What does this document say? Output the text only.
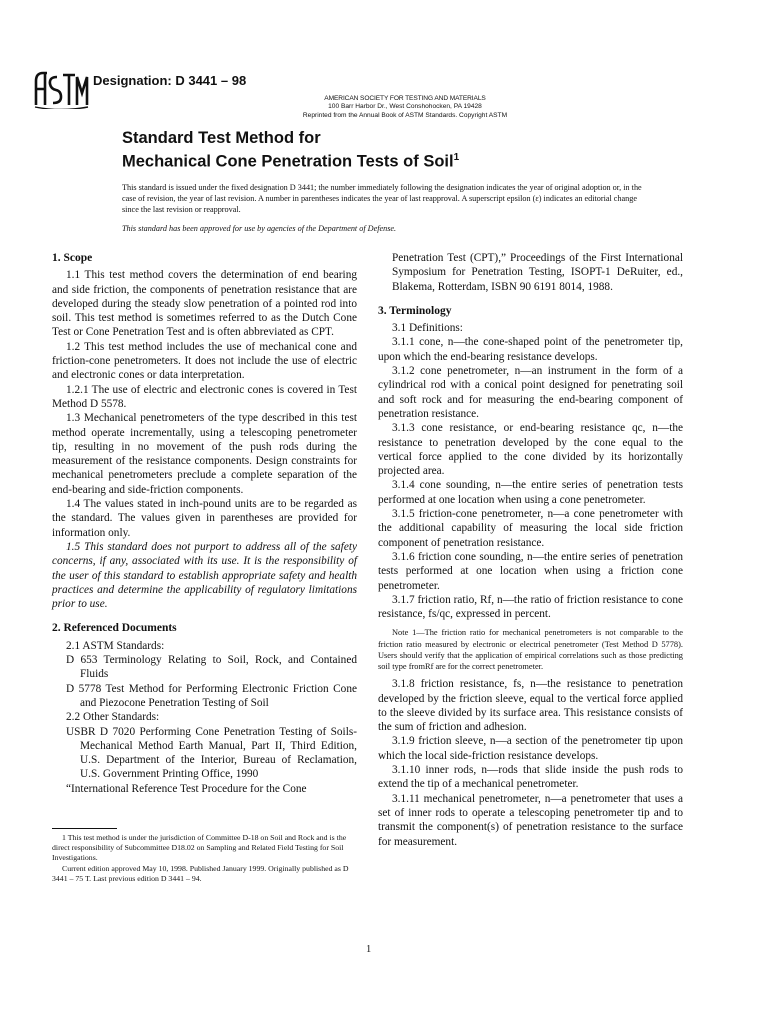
Designation: D 3441 – 98
AMERICAN SOCIETY FOR TESTING AND MATERIALS
100 Barr Harbor Dr., West Conshohocken, PA 19428
Reprinted from the Annual Book of ASTM Standards. Copyright ASTM
Standard Test Method for
Mechanical Cone Penetration Tests of Soil$^1$
This standard is issued under the fixed designation D 3441; the number immediately following the designation indicates the year of original adoption or, in the case of revision, the year of last revision. A number in parentheses indicates the year of last reapproval. A superscript epsilon (ε) indicates an editorial change since the last revision or reapproval.
This standard has been approved for use by agencies of the Department of Defense.
1. Scope

1.1 This test method covers the determination of end bearing and side friction, the components of penetration resistance that are developed during the steady slow penetration of a pointed rod into soil. This test method is sometimes referred to as the Dutch Cone Test or Cone Penetration Test and is often abbreviated as CPT.

1.2 This test method includes the use of mechanical cone and friction-cone penetrometers. It does not include the use of electric and electronic cones or data interpretation.

1.2.1 The use of electric and electronic cones is covered in Test Method D 5578.

1.3 Mechanical penetrometers of the type described in this test method operate incrementally, using a telescoping penetrometer tip, resulting in no movement of the push rods during the measurement of the resistance components. Design constraints for mechanical penetrometers preclude a complete separation of the end-bearing and side-friction components.

1.4 The values stated in inch-pound units are to be regarded as the standard. The values given in parentheses are provided for information only.

1.5 This standard does not purport to address all of the safety concerns, if any, associated with its use. It is the responsibility of the user of this standard to establish appropriate safety and health practices and determine the applicability of regulatory limitations prior to use.

2. Referenced Documents

2.1 ASTM Standards:

D 653 Terminology Relating to Soil, Rock, and Contained Fluids

D 5778 Test Method for Performing Electronic Friction Cone and Piezocone Penetration Testing of Soil

2.2 Other Standards:

USBR D 7020 Performing Cone Penetration Testing of Soils-Mechanical Method Earth Manual, Part II, Third Edition, U.S. Department of the Interior, Bureau of Reclamation, U.S. Government Printing Office, 1990

“International Reference Test Procedure for the Cone

Penetration Test (CPT),” Proceedings of the First International Symposium for Penetration Testing, ISOPT-1 DeRuiter, ed., Blakema, Rotterdam, ISBN 90 6191 8014, 1988.

3. Terminology

3.1 Definitions:

3.1.1 cone, n—the cone-shaped point of the penetrometer tip, upon which the end-bearing resistance develops.

3.1.2 cone penetrometer, n—an instrument in the form of a cylindrical rod with a conical point designed for penetrating soil and soft rock and for measuring the end-bearing component of penetration resistance.

3.1.3 cone resistance, or end-bearing resistance qc, n—the resistance to penetration developed by the cone equal to the vertical force applied to the cone divided by its horizontally projected area.

3.1.4 cone sounding, n—the entire series of penetration tests performed at one location when using a cone penetrometer.

3.1.5 friction-cone penetrometer, n—a cone penetrometer with the additional capability of measuring the local side friction component of penetration resistance.

3.1.6 friction cone sounding, n—the entire series of penetration tests performed at one location when using a friction cone penetrometer.

3.1.7 friction ratio, Rf, n—the ratio of friction resistance to cone resistance, fs/qc, expressed in percent.

Note 1—The friction ratio for mechanical penetrometers is not comparable to the friction ratio measured by electronic or electrical penetrometer (Test Method D 5778). Users should verify that the application of empirical correlations such as those predicting soil type fromRf are for the correct penetrometer.

3.1.8 friction resistance, fs, n—the resistance to penetration developed by the friction sleeve, equal to the vertical force applied to the sleeve divided by its surface area. This resistance consists of the sum of friction and adhesion.

3.1.9 friction sleeve, n—a section of the penetrometer tip upon which the local side-friction resistance develops.

3.1.10 inner rods, n—rods that slide inside the push rods to extend the tip of a mechanical penetrometer.

3.1.11 mechanical penetrometer, n—a penetrometer that uses a set of inner rods to operate a telescoping penetrometer tip and to transmit the component(s) of penetration resistance to the surface for measurement.

1 This test method is under the jurisdiction of Committee D-18 on Soil and Rock and is the direct responsibility of Subcommittee D18.02 on Sampling and Related Field Testing for Soil Investigations.

Current edition approved May 10, 1998. Published January 1999. Originally published as D 3441 – 75 T. Last previous edition D 3441 – 94.

1
